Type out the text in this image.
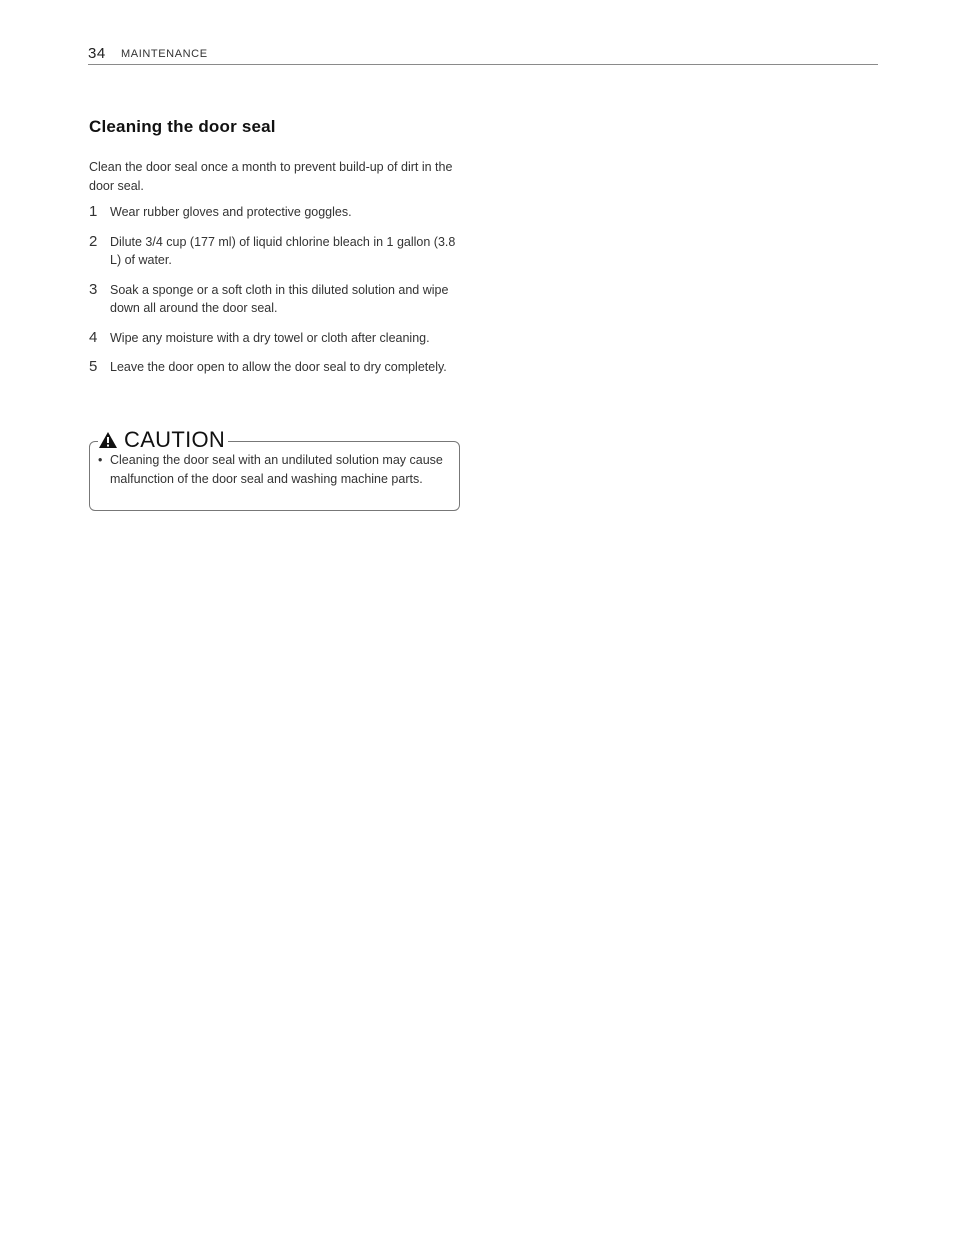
34 MAINTENANCE
Cleaning the door seal
Clean the door seal once a month to prevent build-up of dirt in the door seal.
1 Wear rubber gloves and protective goggles.
2 Dilute 3/4 cup (177 ml) of liquid chlorine bleach in 1 gallon (3.8 L) of water.
3 Soak a sponge or a soft cloth in this diluted solution and wipe down all around the door seal.
4 Wipe any moisture with a dry towel or cloth after cleaning.
5 Leave the door open to allow the door seal to dry completely.
CAUTION
• Cleaning the door seal with an undiluted solution may cause malfunction of the door seal and washing machine parts.
